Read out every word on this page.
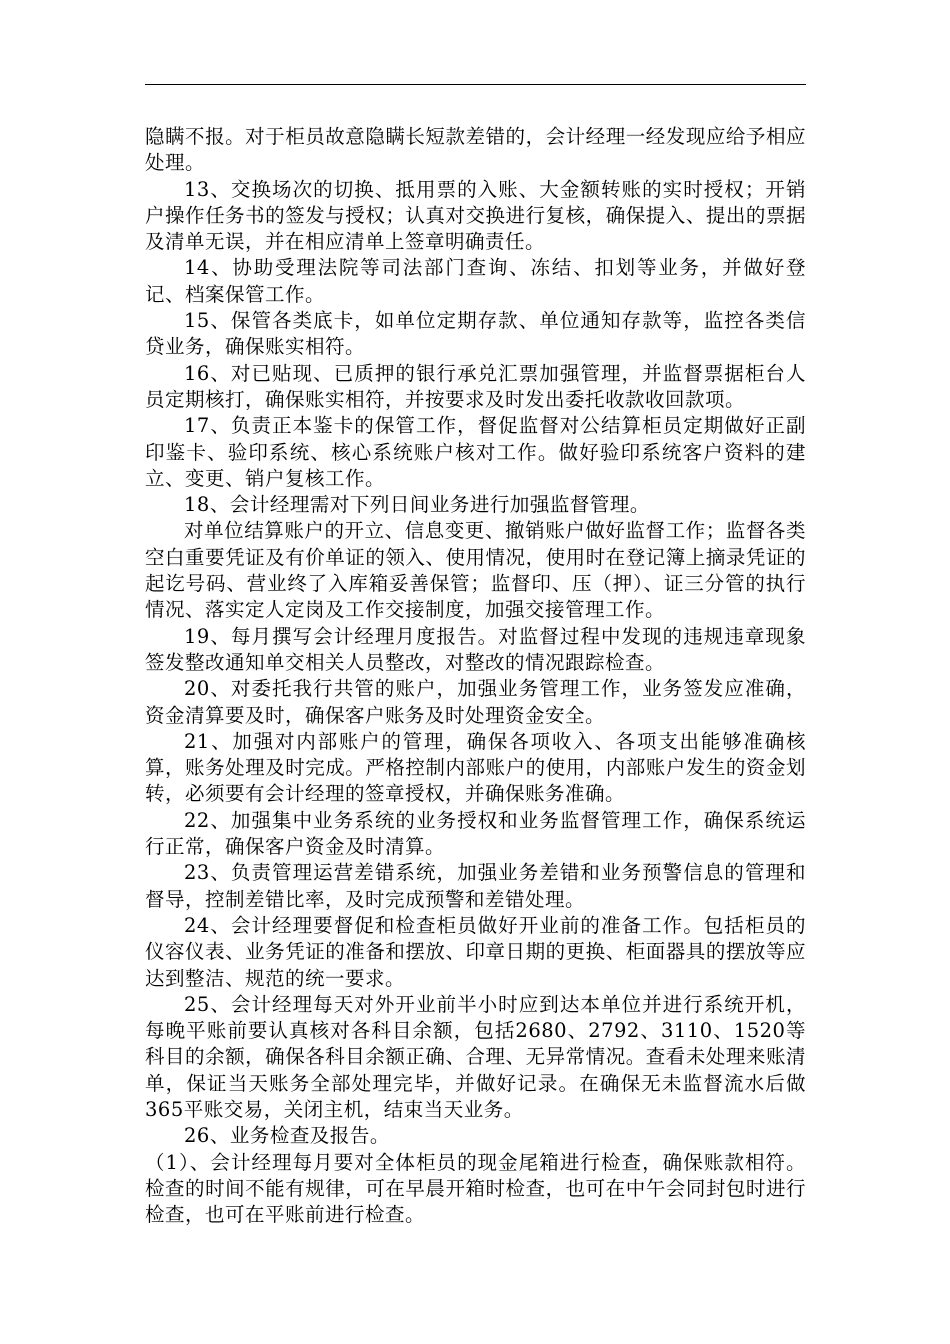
隐瞒不报。对于柜员故意隐瞒长短款差错的，会计经理一经发现应给予相应处理。

13、交换场次的切换、抵用票的入账、大金额转账的实时授权；开销户操作任务书的签发与授权；认真对交换进行复核，确保提入、提出的票据及清单无误，并在相应清单上签章明确责任。

14、协助受理法院等司法部门查询、冻结、扣划等业务，并做好登记、档案保管工作。

15、保管各类底卡，如单位定期存款、单位通知存款等，监控各类信贷业务，确保账实相符。

16、对已贴现、已质押的银行承兑汇票加强管理，并监督票据柜台人员定期核打，确保账实相符，并按要求及时发出委托收款收回款项。

17、负责正本鉴卡的保管工作，督促监督对公结算柜员定期做好正副印鉴卡、验印系统、核心系统账户核对工作。做好验印系统客户资料的建立、变更、销户复核工作。

18、会计经理需对下列日间业务进行加强监督管理。

对单位结算账户的开立、信息变更、撤销账户做好监督工作；监督各类空白重要凭证及有价单证的领入、使用情况，使用时在登记簿上摘录凭证的起讫号码、营业终了入库箱妥善保管；监督印、压（押）、证三分管的执行情况、落实定人定岗及工作交接制度，加强交接管理工作。

19、每月撰写会计经理月度报告。对监督过程中发现的违规违章现象签发整改通知单交相关人员整改，对整改的情况跟踪检查。

20、对委托我行共管的账户，加强业务管理工作，业务签发应准确，资金清算要及时，确保客户账务及时处理资金安全。

21、加强对内部账户的管理，确保各项收入、各项支出能够准确核算，账务处理及时完成。严格控制内部账户的使用，内部账户发生的资金划转，必须要有会计经理的签章授权，并确保账务准确。

22、加强集中业务系统的业务授权和业务监督管理工作，确保系统运行正常，确保客户资金及时清算。

23、负责管理运营差错系统，加强业务差错和业务预警信息的管理和督导，控制差错比率，及时完成预警和差错处理。

24、会计经理要督促和检查柜员做好开业前的准备工作。包括柜员的仪容仪表、业务凭证的准备和摆放、印章日期的更换、柜面器具的摆放等应达到整洁、规范的统一要求。

25、会计经理每天对外开业前半小时应到达本单位并进行系统开机，每晚平账前要认真核对各科目余额，包括2680、2792、3110、1520等科目的余额，确保各科目余额正确、合理、无异常情况。查看未处理来账清单，保证当天账务全部处理完毕，并做好记录。在确保无未监督流水后做365平账交易，关闭主机，结束当天业务。

26、业务检查及报告。

（1）、会计经理每月要对全体柜员的现金尾箱进行检查，确保账款相符。检查的时间不能有规律，可在早晨开箱时检查，也可在中午会同封包时进行检查，也可在平账前进行检查。
